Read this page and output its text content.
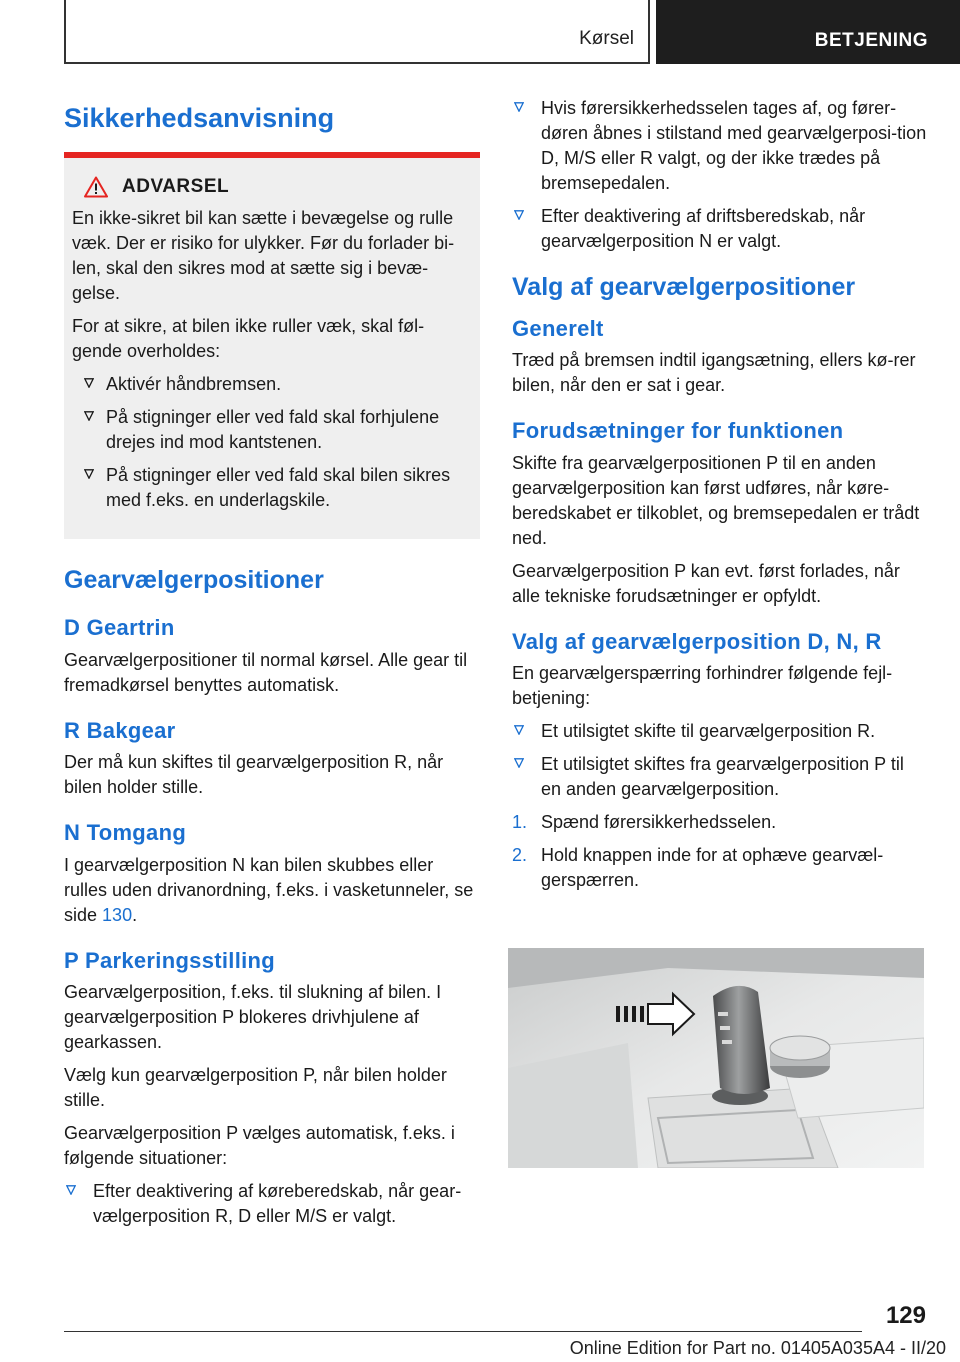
Kørsel	BETJENING
Sikkerhedsanvisning
ADVARSEL

En ikke-sikret bil kan sætte i bevægelse og rulle væk. Der er risiko for ulykker. Før du forlader bi-len, skal den sikres mod at sætte sig i bevæ-gelse.

For at sikre, at bilen ikke ruller væk, skal føl-gende overholdes:

Aktivér håndbremsen.
På stigninger eller ved fald skal forhjulene drejes ind mod kantstenen.
På stigninger eller ved fald skal bilen sikres med f.eks. en underlagskile.
Gearvælgerpositioner
D Geartrin

Gearvælgerpositioner til normal kørsel. Alle gear til fremadkørsel benyttes automatisk.

R Bakgear

Der må kun skiftes til gearvælgerposition R, når bilen holder stille.

N Tomgang

I gearvælgerposition N kan bilen skubbes eller rulles uden drivanordning, f.eks. i vasketunneler, se side 130.

P Parkeringsstilling

Gearvælgerposition, f.eks. til slukning af bilen. I gearvælgerposition P blokeres drivhjulene af gearkassen.

Vælg kun gearvælgerposition P, når bilen holder stille.

Gearvælgerposition P vælges automatisk, f.eks. i følgende situationer:

Efter deaktivering af køreberedskab, når gear-vælgerposition R, D eller M/S er valgt.
Hvis førersikkerhedsselen tages af, og fører-døren åbnes i stilstand med gearvælgerposi-tion D, M/S eller R valgt, og der ikke trædes på bremsepedalen.
Efter deaktivering af driftsberedskab, når gearvælgerposition N er valgt.
Valg af gearvælgerpositioner
Generelt

Træd på bremsen indtil igangsætning, ellers kø-rer bilen, når den er sat i gear.

Forudsætninger for funktionen

Skifte fra gearvælgerpositionen P til en anden gearvælgerposition kan først udføres, når køre-beredskabet er tilkoblet, og bremsepedalen er trådt ned.

Gearvælgerposition P kan evt. først forlades, når alle tekniske forudsætninger er opfyldt.

Valg af gearvælgerposition D, N, R

En gearvælgerspærring forhindrer følgende fejl-betjening:

Et utilsigtet skifte til gearvælgerposition R.
Et utilsigtet skiftes fra gearvælgerposition P til en anden gearvælgerposition.
1. Spænd førersikkerhedsselen.
2. Hold knappen inde for at ophæve gearvæl-gerspærren.
129
Online Edition for Part no. 01405A035A4 - II/20
